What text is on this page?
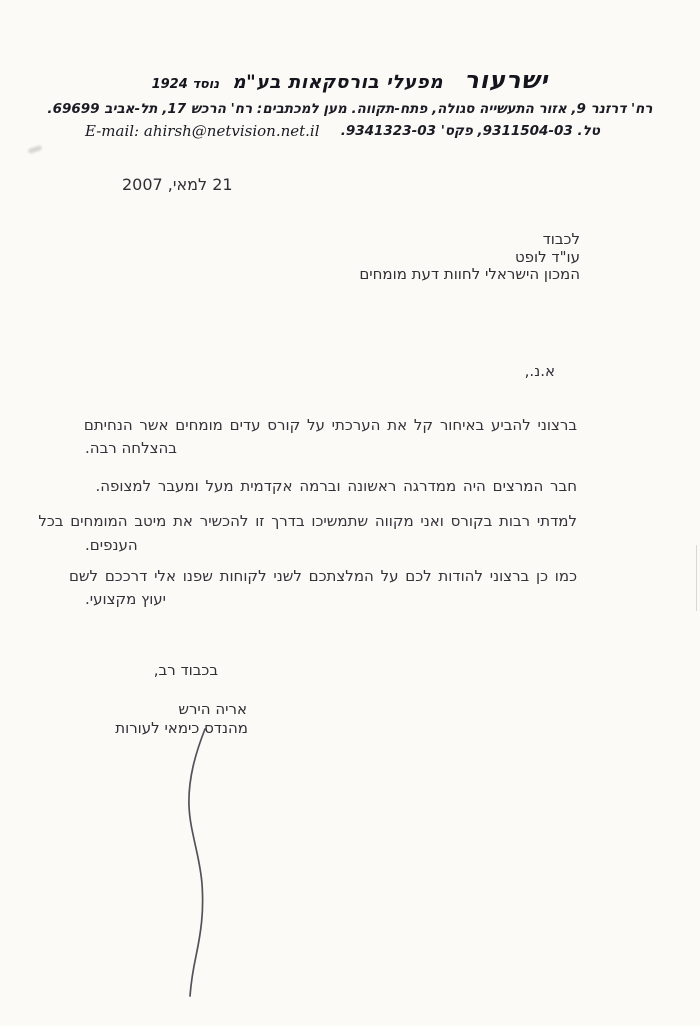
ישרעור מפעלי בורסקאות בע"מ נוסד 1924
רח' דרזנר 9, אזור התעשייה סגולה, פתח-תקווה. מען למכתבים: רח' הרכש 17, תל-אביב 69699.
טל. 9311504-03, פקס' 9341323-03.
E-mail: ahirsh@netvision.net.il
21 למאי, 2007
לכבוד
עו"ד לופט
המכון הישראלי לחוות דעת מומחים
א.נ.,
ברצוני להביע באיחור קל את הערכתי על קורס עדים מומחים אשר הנחיתם
בהצלחה רבה.
חבר המרצים היה ממדרגה ראשונה וברמה אקדמית מעל ומעבר למצופה.
למדתי רבות בקורס ואני מקווה שתמשיכו בדרך זו להכשיר את מיטב המומחים בכל
הענפים.
כמו כן ברצוני להודות לכם על המלצתכם לשני לקוחות שפנו אלי דרככם לשם
יעוץ מקצועי.
בכבוד רב,
אריה הירש
מהנדס כימאי לעורות
